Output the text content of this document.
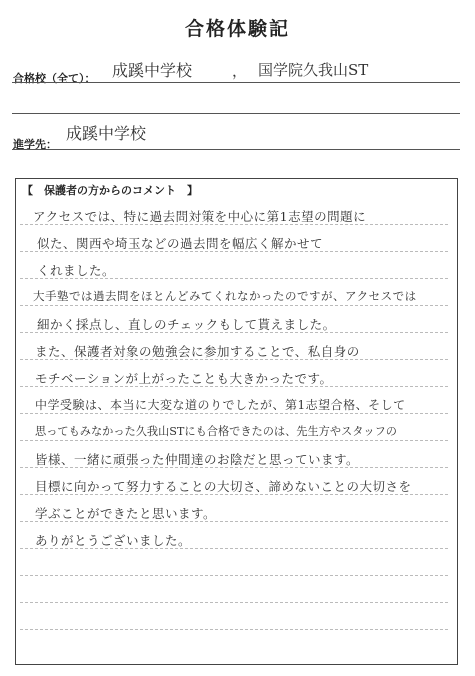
合格体験記
合格校（全て）： 成蹊中学校	， 国学院久我山ST
進学先：
成蹊中学校
【　保護者の方からのコメント　】
アクセスでは、特に過去問対策を中心に第1志望の問題に
似た、関西や埼玉などの過去問を幅広く解かせて
くれました。
大手塾では過去問をほとんどみてくれなかったのですが、アクセスでは
細かく採点し、直しのチェックもして貰えました。
また、保護者対象の勉強会に参加することで、私自身の
モチベーションが上がったことも大きかったです。
中学受験は、本当に大変な道のりでしたが、第1志望合格、そして
思ってもみなかった久我山STにも合格できたのは、先生方やスタッフの
皆様、一緒に頑張った仲間達のお陰だと思っています。
目標に向かって努力することの大切さ、諦めないことの大切さを
学ぶことができたと思います。
ありがとうございました。
